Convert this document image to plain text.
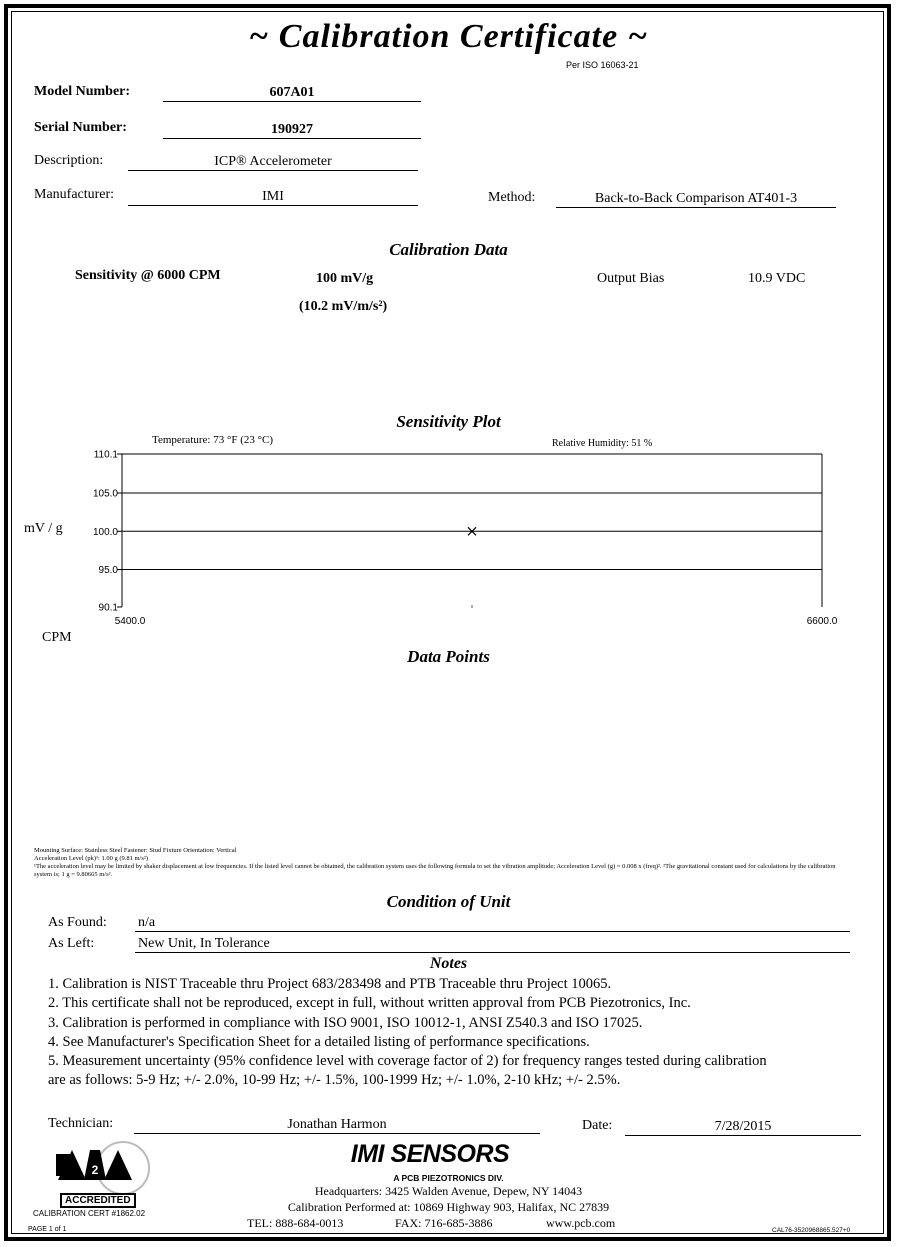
~ Calibration Certificate ~
Per ISO 16063-21
Model Number:	607A01
Serial Number:	190927
Description:	ICP® Accelerometer
Manufacturer:	IMI	Method:	Back-to-Back Comparison AT401-3
Calibration Data
Sensitivity @ 6000 CPM	100 mV/g
(10.2 mV/m/s²)
Output Bias	10.9 VDC
Sensitivity Plot
Temperature: 73 °F (23 °C)	Relative Humidity: 51 %
mV / g
CPM
110.1
105.0
100.0
95.0
90.1
5400.0	6600.0
Data Points
Mounting Surface: Stainless Steel Fastener: Stud Fixture Orientation: Vertical
Acceleration Level (pk)¹: 1.00 g (9.81 m/s²)
¹The acceleration level may be limited by shaker displacement at low frequencies. If the listed level cannot be obtained, the calibration system uses the following formula to set the vibration amplitude; Acceleration Level (g) = 0.008 x (freq)². ²The gravitational constant used for calculations by the calibration system is; 1 g = 9.80665 m/s².
Condition of Unit
As Found: n/a
As Left:	New Unit, In Tolerance
Notes
1. Calibration is NIST Traceable thru Project 683/283498 and PTB Traceable thru Project 10065.
2. This certificate shall not be reproduced, except in full, without written approval from PCB Piezotronics, Inc.
3. Calibration is performed in compliance with ISO 9001, ISO 10012-1, ANSI Z540.3 and ISO 17025.
4. See Manufacturer's Specification Sheet for a detailed listing of performance specifications.
5. Measurement uncertainty (95% confidence level with coverage factor of 2) for frequency ranges tested during calibration
are as follows: 5-9 Hz; +/- 2.0%, 10-99 Hz; +/- 1.5%, 100-1999 Hz; +/- 1.0%, 2-10 kHz; +/- 2.5%.
Technician:	Jonathan Harmon	Date:	7/28/2015
2
ACCREDITED
CALIBRATION CERT #1862.02
PAGE 1 of 1
IMI SENSORS
A PCB PIEZOTRONICS DIV.
Headquarters: 3425 Walden Avenue, Depew, NY 14043
Calibration Performed at: 10869 Highway 903, Halifax, NC 27839
TEL: 888-684-0013	FAX: 716-685-3886	www.pcb.com
CAL76-3520968865.527+0
